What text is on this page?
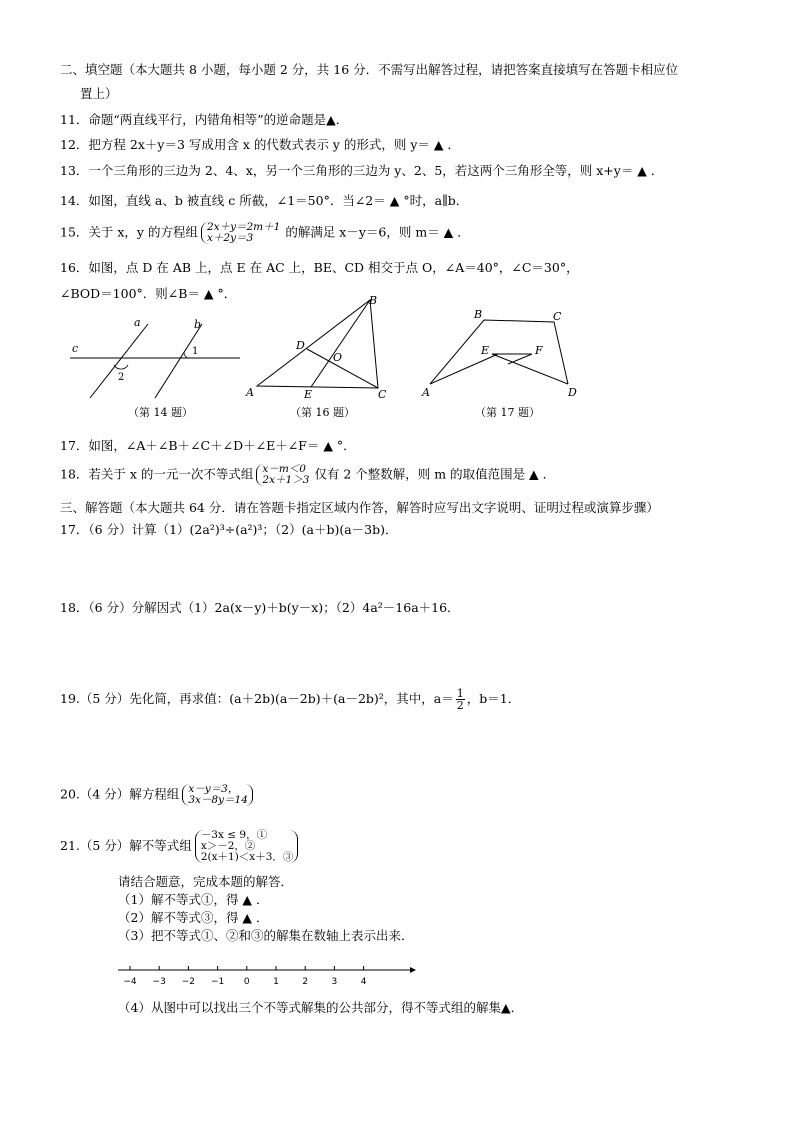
二、填空题（本大题共 8 小题，每小题 2 分，共 16 分．不需写出解答过程，请把答案直接填写在答题卡相应位
置上）
11．命题“两直线平行，内错角相等”的逆命题是▲．
12．把方程 2x＋y＝3 写成用含 x 的代数式表示 y 的形式，则 y＝ ▲ ．
13．一个三角形的三边为 2、4、x，另一个三角形的三边为 y、2、5，若这两个三角形全等，则 x+y＝ ▲ ．
14．如图，直线 a、b 被直线 c 所截，∠1＝50°．当∠2＝ ▲ °时，a∥b．
15．关于 x，y 的方程组 2x＋y＝2m＋1
x＋2y＝3	的解满足 x－y＝6，则 m＝ ▲ ．
16．如图，点 D 在 AB 上，点 E 在 AC 上，BE、CD 相交于点 O，∠A＝40°，∠C＝30°，
∠BOD＝100°．则∠B＝ ▲ °．
a	b
c	1
2
A
B
C
D
E
O
A
B	C
D
E	F
（第 14 题）	（第 16 题）	（第 17 题）
17．如图，∠A＋∠B＋∠C＋∠D＋∠E＋∠F＝ ▲ °．
18．若关于 x 的一元一次不等式组 x－m＜0
2x＋1＞3 仅有 2 个整数解，则 m 的取值范围是 ▲ ．
三、解答题（本大题共 64 分．请在答题卡指定区域内作答，解答时应写出文字说明、证明过程或演算步骤）
17．（6 分）计算（1）(2a²)³÷(a²)³；（2）(a＋b)(a－3b)．
18．（6 分）分解因式（1）2a(x－y)＋b(y－x)；（2）4a²－16a＋16．
19.（5 分）先化简，再求值：(a＋2b)(a－2b)＋(a－2b)²，其中，$a= \frac{1}{2}$ ，b＝1．
20.（4 分）解方程组 x－y＝3，
3x－8y＝14
21.（5 分）解不等式组
－3x ≤ 9，①
x＞－2，②
2(x＋1)＜x＋3．③
请结合题意，完成本题的解答．
（1）解不等式①，得 ▲ ．
（2）解不等式③，得 ▲ ．
（3）把不等式①、②和③的解集在数轴上表示出来．
−4 −3 −2 −1 0	1	2	3	4
（4）从图中可以找出三个不等式解集的公共部分，得不等式组的解集▲．
